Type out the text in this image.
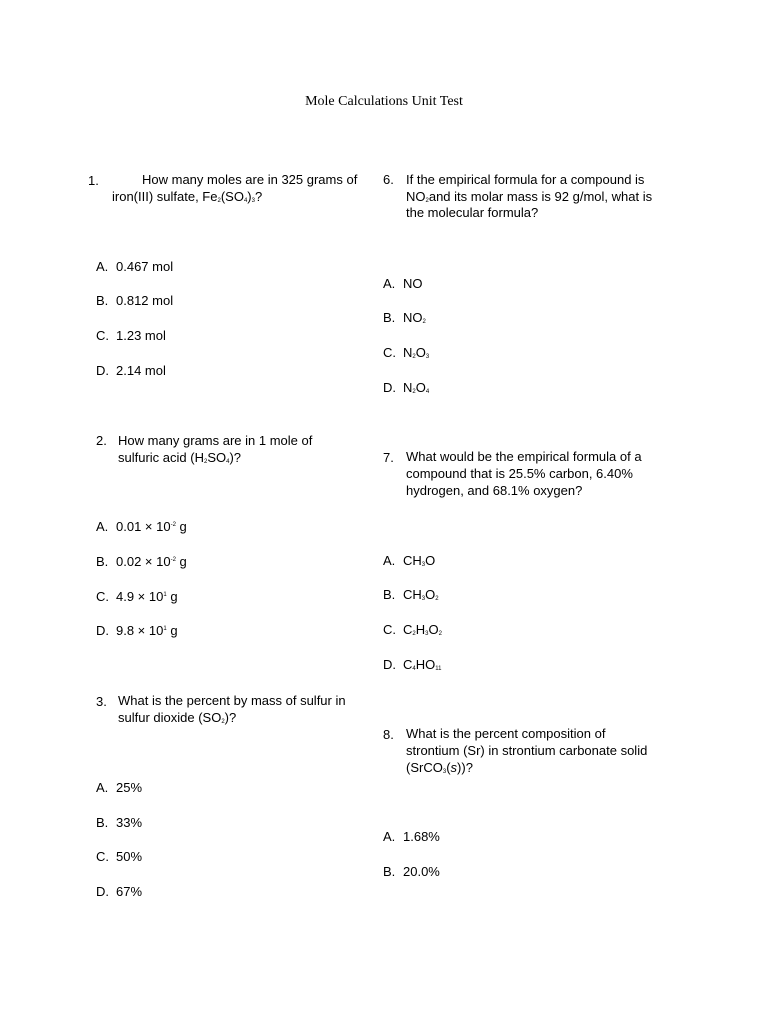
Mole Calculations Unit Test
1.	How many moles are in 325 grams of
iron(III) sulfate, $Fe_2(SO_4)_3$?
A. 0.467 mol
B. 0.812 mol
C. 1.23 mol
D. 2.14 mol
2. How many grams are in 1 mole of
sulfuric acid $(H_2SO_4)$?
A. $0.01 \times 10^{-2}$ g
B. $0.02 \times 10^{-2}$ g
C. $4.9 \times 10^1$ g
D. $9.8 \times 10^1$ g
3. What is the percent by mass of sulfur in
sulfur dioxide $(SO_2)$?
A. 25%
B. 33%
C. 50%
D. 67%
6. If the empirical formula for a compound is
$NO_2and$ its molar mass is 92 g/mol, what is
the molecular formula?
A. NO
B. $NO_2$
C. $N_2O_3$
D. $N_2O_4$
7. What would be the empirical formula of a
compound that is 25.5% carbon, 6.40%
hydrogen, and 68.1% oxygen?
A. $CH_3O$
B. $CH_3O_2$
C. $C_2H_3O_2$
D. $C_4HO_{11}$
8. What is the percent composition of
strontium (Sr) in strontium carbonate solid
(SrCO$_3$(s))?
A. 1.68%
B. 20.0%
